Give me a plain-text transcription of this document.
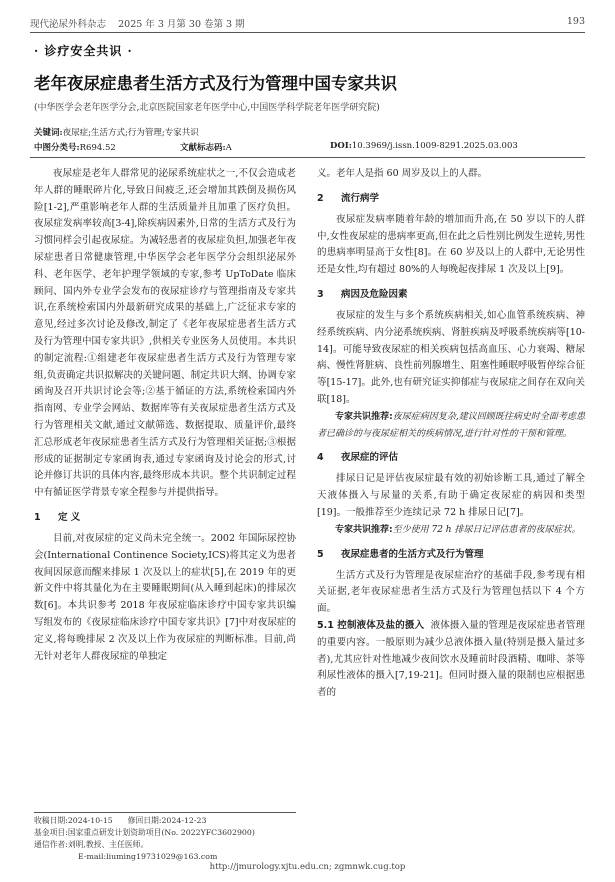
现代泌尿外科杂志 2025 年 3 月第 30 卷第 3 期	193
· 诊疗安全共识 ·
老年夜尿症患者生活方式及行为管理中国专家共识
(中华医学会老年医学分会,北京医院国家老年医学中心,中国医学科学院老年医学研究院)
关键词:夜尿症;生活方式;行为管理;专家共识
中图分类号:R694.52	文献标志码:A	DOI:10.3969/j.issn.1009-8291.2025.03.003

夜尿症是老年人群常见的泌尿系统症状之一,不仅会造成老年人群的睡眠碎片化,导致日间疲乏,还会增加其跌倒及损伤风险[1-2],严重影响老年人群的生活质量并且加重了医疗负担。夜尿症发病率较高[3-4],除疾病因素外,日常的生活方式及行为习惯同样会引起夜尿症。为减轻患者的夜尿症负担,加强老年夜尿症患者日常健康管理,中华医学会老年医学分会组织泌尿外科、老年医学、老年护理学领域的专家,参考 UpToDate 临床顾问、国内外专业学会发布的夜尿症诊疗与管理指南及专家共识,在系统检索国内外最新研究成果的基础上,广泛征求专家的意见,经过多次讨论及修改,制定了《老年夜尿症患者生活方式及行为管理中国专家共识》,供相关专业医务人员使用。本共识的制定流程:①组建老年夜尿症患者生活方式及行为管理专家组,负责确定共识拟解决的关键问题、制定共识大纲、协调专家函询及召开共识讨论会等;②基于循证的方法,系统检索国内外指南网、专业学会网站、数据库等有关夜尿症患者生活方式及行为管理相关文献,通过文献筛选、数据提取、质量评价,最终汇总形成老年夜尿症患者生活方式及行为管理相关证据;③根据形成的证据制定专家函询表,通过专家函询及讨论会的形式,讨论并修订共识的具体内容,最终形成本共识。整个共识制定过程中有循证医学背景专家全程参与并提供指导。

1 定 义

目前,对夜尿症的定义尚未完全统一。2002 年国际尿控协会(International Continence Society,ICS)将其定义为患者夜间因尿意而醒来排尿 1 次及以上的症状[5],在 2019 年的更新文件中将其量化为在主要睡眠期间(从入睡到起床)的排尿次数[6]。本共识参考 2018 年夜尿症临床诊疗中国专家共识编写组发布的《夜尿症临床诊疗中国专家共识》[7]中对夜尿症的定义,将每晚排尿 2 次及以上作为夜尿症的判断标准。目前,尚无针对老年人群夜尿症的单独定

收稿日期:2024-10-15 修回日期:2024-12-23
基金项目:国家重点研发计划资助项目(No. 2022YFC3602900)
通信作者:刘明,教授、主任医师。
E-mail:liuming19731029@163.com

义。老年人是指 60 周岁及以上的人群。

2 流行病学

夜尿症发病率随着年龄的增加而升高,在 50 岁以下的人群中,女性夜尿症的患病率更高,但在此之后性别比例发生逆转,男性的患病率明显高于女性[8]。在 60 岁及以上的人群中,无论男性还是女性,均有超过 80%的人每晚起夜排尿 1 次及以上[9]。

3 病因及危险因素

夜尿症的发生与多个系统疾病相关,如心血管系统疾病、神经系统疾病、内分泌系统疾病、肾脏疾病及呼吸系统疾病等[10-14]。可能导致夜尿症的相关疾病包括高血压、心力衰竭、糖尿病、慢性肾脏病、良性前列腺增生、阻塞性睡眠呼吸暂停综合征等[15-17]。此外,也有研究证实抑郁症与夜尿症之间存在双向关联[18]。

专家共识推荐:夜尿症病因复杂,建议回顾既往病史时全面考虑患者已确诊的与夜尿症相关的疾病情况,进行针对性的干预和管理。

4 夜尿症的评估

排尿日记是评估夜尿症最有效的初始诊断工具,通过了解全天液体摄入与尿量的关系,有助于确定夜尿症的病因和类型[19]。一般推荐至少连续记录 72 h 排尿日记[7]。

专家共识推荐:至少使用 72 h 排尿日记评估患者的夜尿症状。

5 夜尿症患者的生活方式及行为管理

生活方式及行为管理是夜尿症治疗的基础手段,参考现有相关证据,老年夜尿症患者生活方式及行为管理包括以下 4 个方面。

5.1 控制液体及盐的摄入 液体摄入量的管理是夜尿症患者管理的重要内容。一般原则为减少总液体摄入量(特别是摄入量过多者),尤其应针对性地减少夜间饮水及睡前时段酒精、咖啡、茶等利尿性液体的摄入[7,19-21]。但同时摄入量的限制也应根据患者的

http://jmurology.xjtu.edu.cn; zgmnwk.cug.top
